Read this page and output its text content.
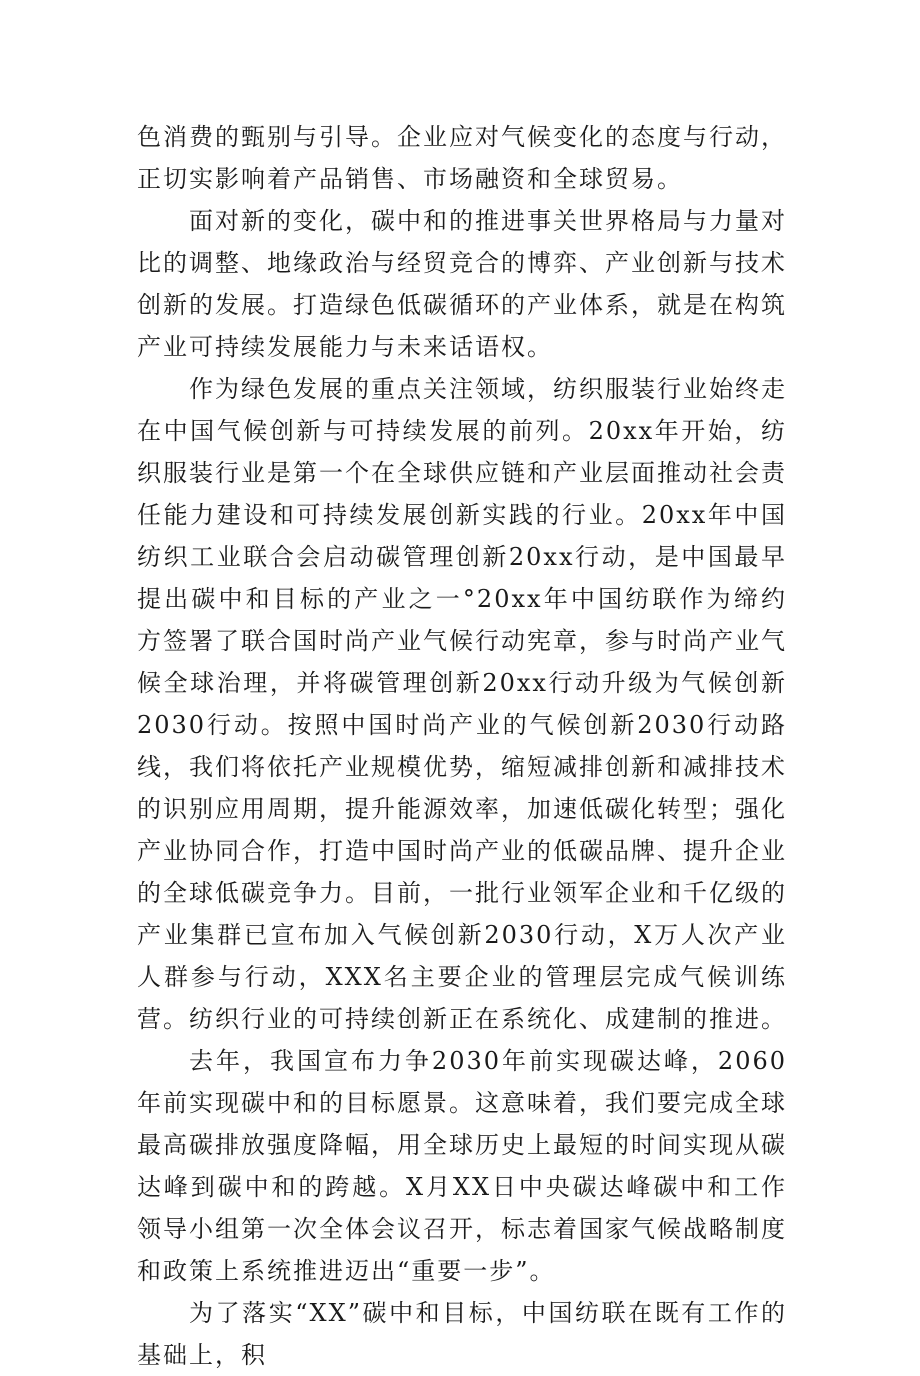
色消费的甄别与引导。企业应对气候变化的态度与行动，正切实影响着产品销售、市场融资和全球贸易。

面对新的变化，碳中和的推进事关世界格局与力量对比的调整、地缘政治与经贸竞合的博弈、产业创新与技术创新的发展。打造绿色低碳循环的产业体系，就是在构筑产业可持续发展能力与未来话语权。

作为绿色发展的重点关注领域，纺织服装行业始终走在中国气候创新与可持续发展的前列。20xx年开始，纺织服装行业是第一个在全球供应链和产业层面推动社会责任能力建设和可持续发展创新实践的行业。20xx年中国纺织工业联合会启动碳管理创新20xx行动，是中国最早提出碳中和目标的产业之一°20xx年中国纺联作为缔约方签署了联合国时尚产业气候行动宪章，参与时尚产业气候全球治理，并将碳管理创新20xx行动升级为气候创新2030行动。按照中国时尚产业的气候创新2030行动路线，我们将依托产业规模优势，缩短减排创新和减排技术的识别应用周期，提升能源效率，加速低碳化转型；强化产业协同合作，打造中国时尚产业的低碳品牌、提升企业的全球低碳竞争力。目前，一批行业领军企业和千亿级的产业集群已宣布加入气候创新2030行动，X万人次产业人群参与行动，XXX名主要企业的管理层完成气候训练营。纺织行业的可持续创新正在系统化、成建制的推进。

去年，我国宣布力争2030年前实现碳达峰，2060年前实现碳中和的目标愿景。这意味着，我们要完成全球最高碳排放强度降幅，用全球历史上最短的时间实现从碳达峰到碳中和的跨越。X月XX日中央碳达峰碳中和工作领导小组第一次全体会议召开，标志着国家气候战略制度和政策上系统推进迈出“重要一步”。

为了落实“XX”碳中和目标，中国纺联在既有工作的基础上，积
